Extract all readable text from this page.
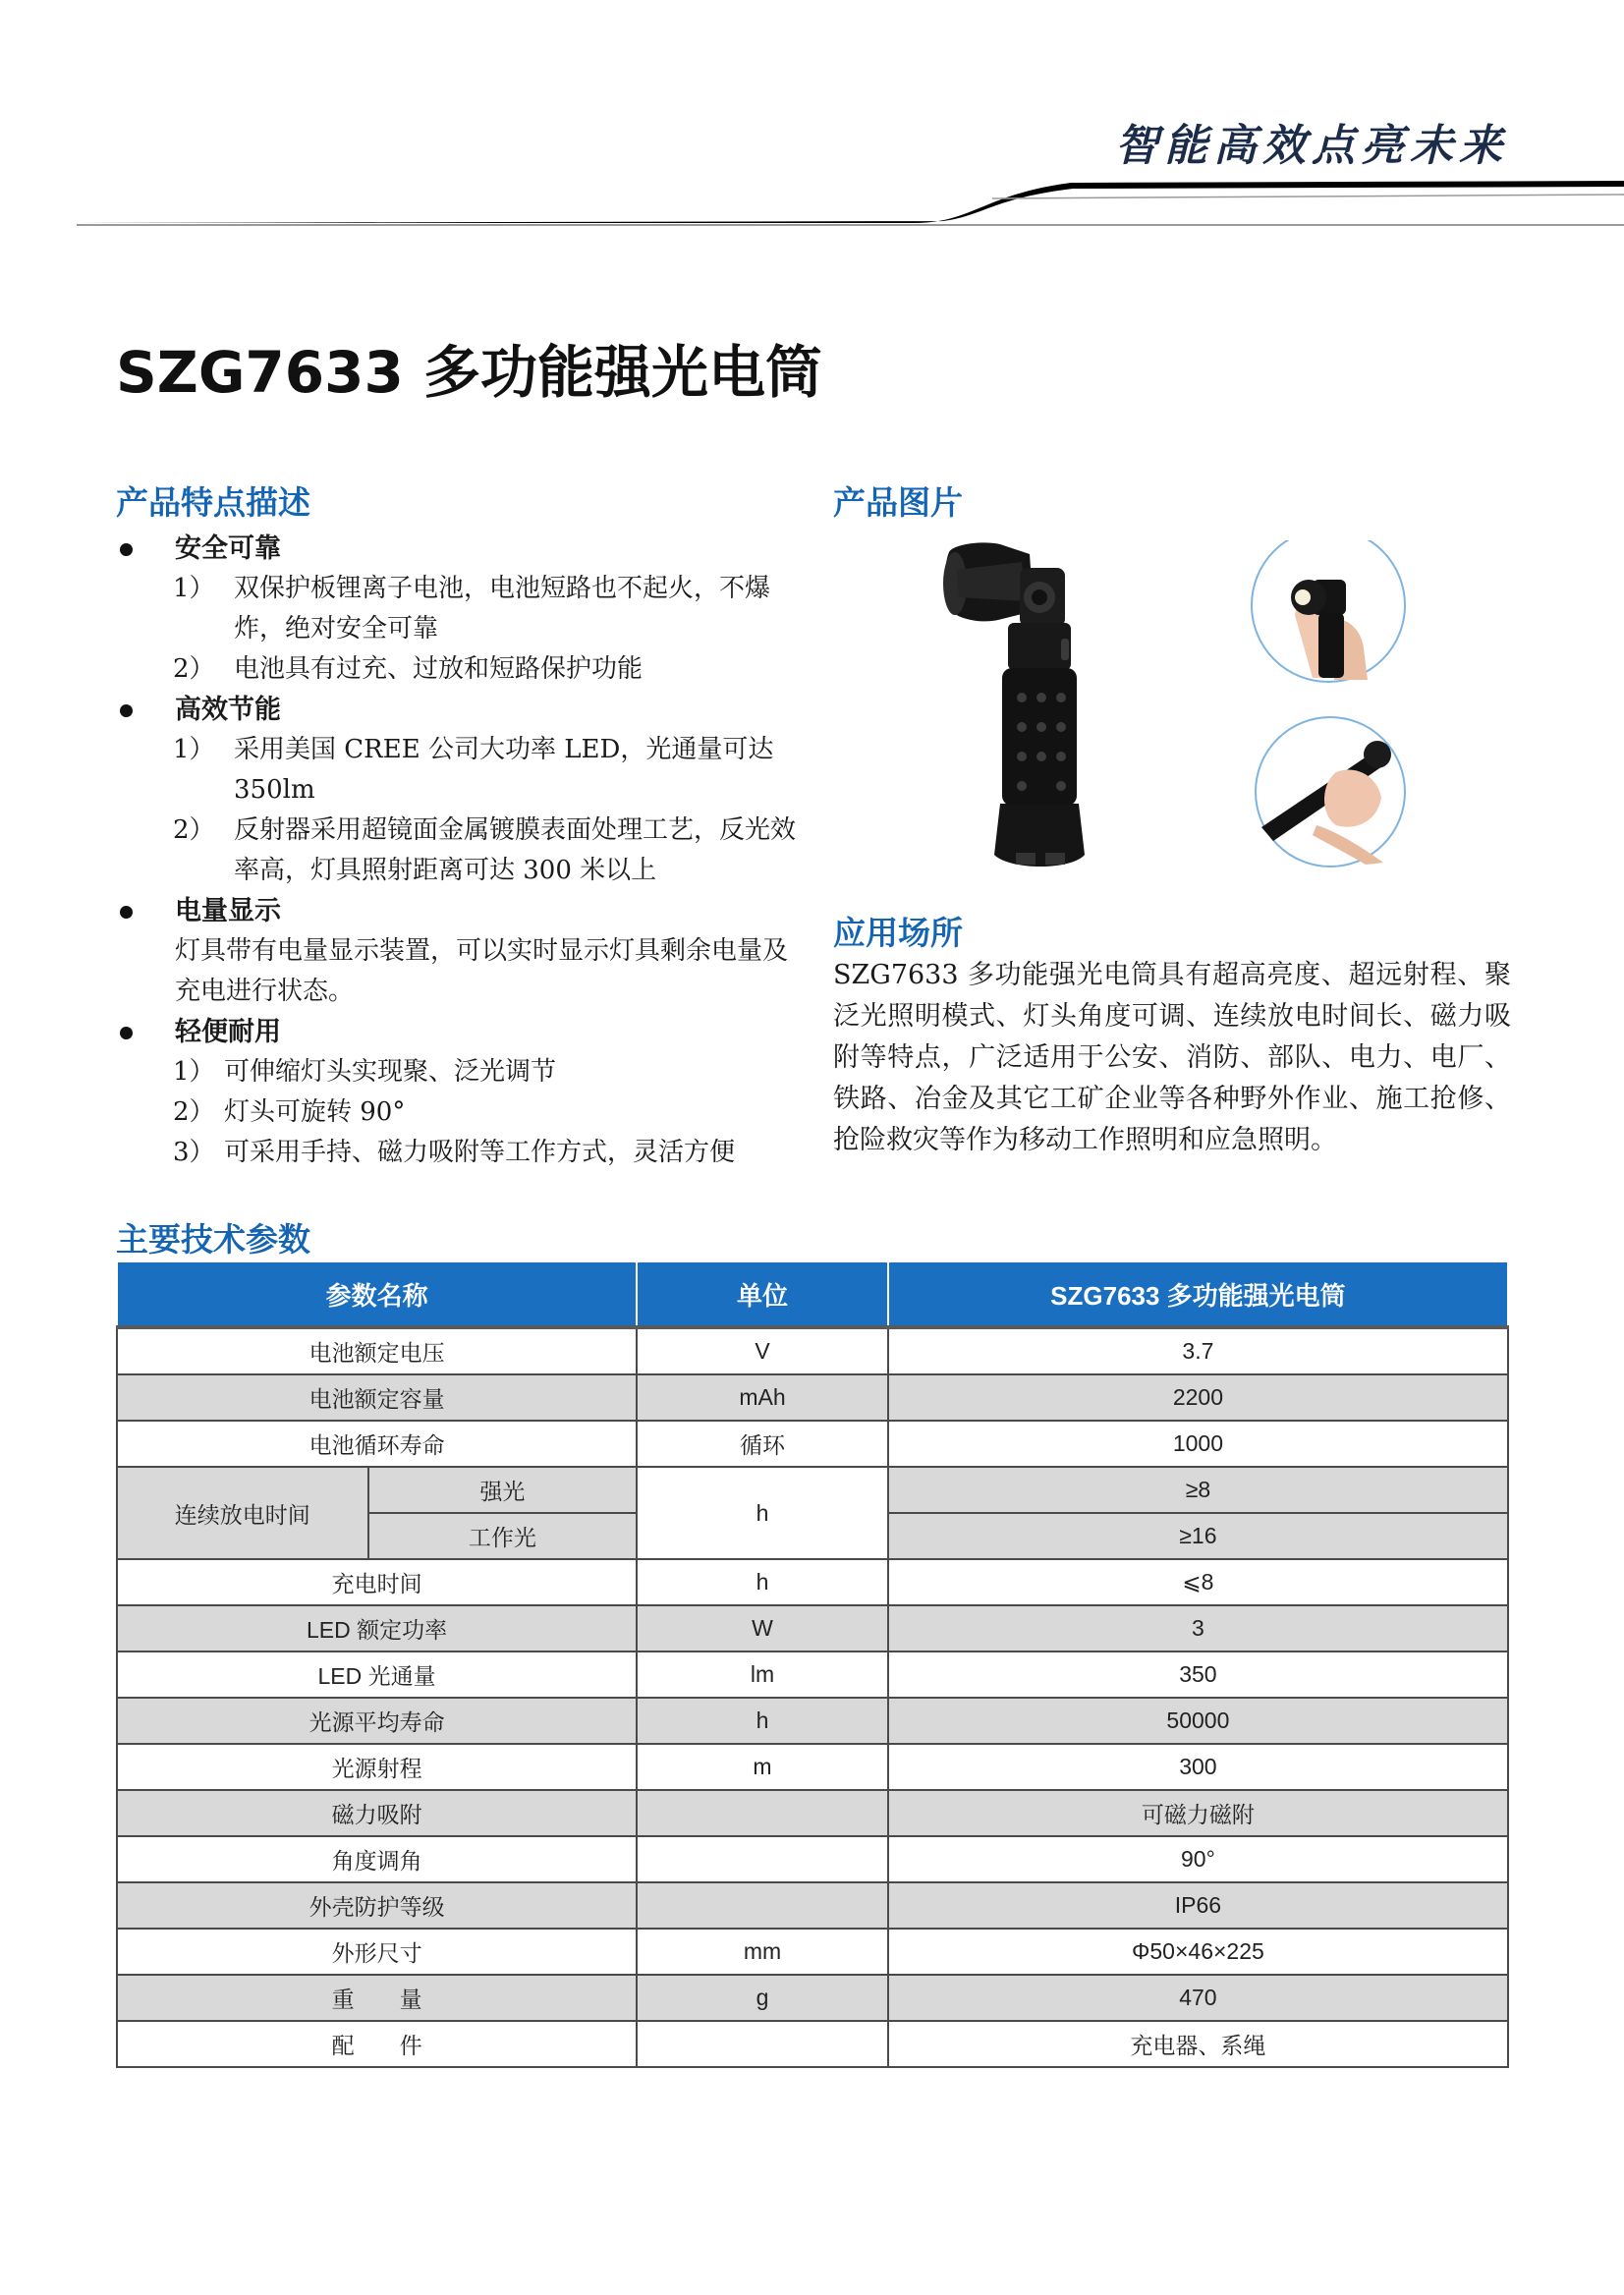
智能高效点亮未来
SZG7633 多功能强光电筒
产品特点描述
安全可靠
1） 双保护板锂离子电池，电池短路也不起火，不爆炸，绝对安全可靠
2） 电池具有过充、过放和短路保护功能
高效节能
1） 采用美国 CREE 公司大功率 LED，光通量可达 350lm
2） 反射器采用超镜面金属镀膜表面处理工艺，反光效率高，灯具照射距离可达 300 米以上
电量显示
灯具带有电量显示装置，可以实时显示灯具剩余电量及充电进行状态。
轻便耐用
1） 可伸缩灯头实现聚、泛光调节
2） 灯头可旋转 90°
3） 可采用手持、磁力吸附等工作方式，灵活方便
产品图片
应用场所
SZG7633 多功能强光电筒具有超高亮度、超远射程、聚泛光照明模式、灯头角度可调、连续放电时间长、磁力吸附等特点，广泛适用于公安、消防、部队、电力、电厂、铁路、冶金及其它工矿企业等各种野外作业、施工抢修、抢险救灾等作为移动工作照明和应急照明。
主要技术参数
参数名称		单位	SZG7633 多功能强光电筒
电池额定电压		V	3.7
电池额定容量		mAh	2200
电池循环寿命		循环	1000
连续放电时间	强光	h	≥8
	工作光		≥16
充电时间		h	⩽8
LED 额定功率		W	3
LED 光通量		lm	350
光源平均寿命		h	50000
光源射程		m	300
磁力吸附			可磁力磁附
角度调角			90°
外壳防护等级			IP66
外形尺寸		mm	Φ50×46×225
重　　量		g	470
配　　件			充电器、系绳
